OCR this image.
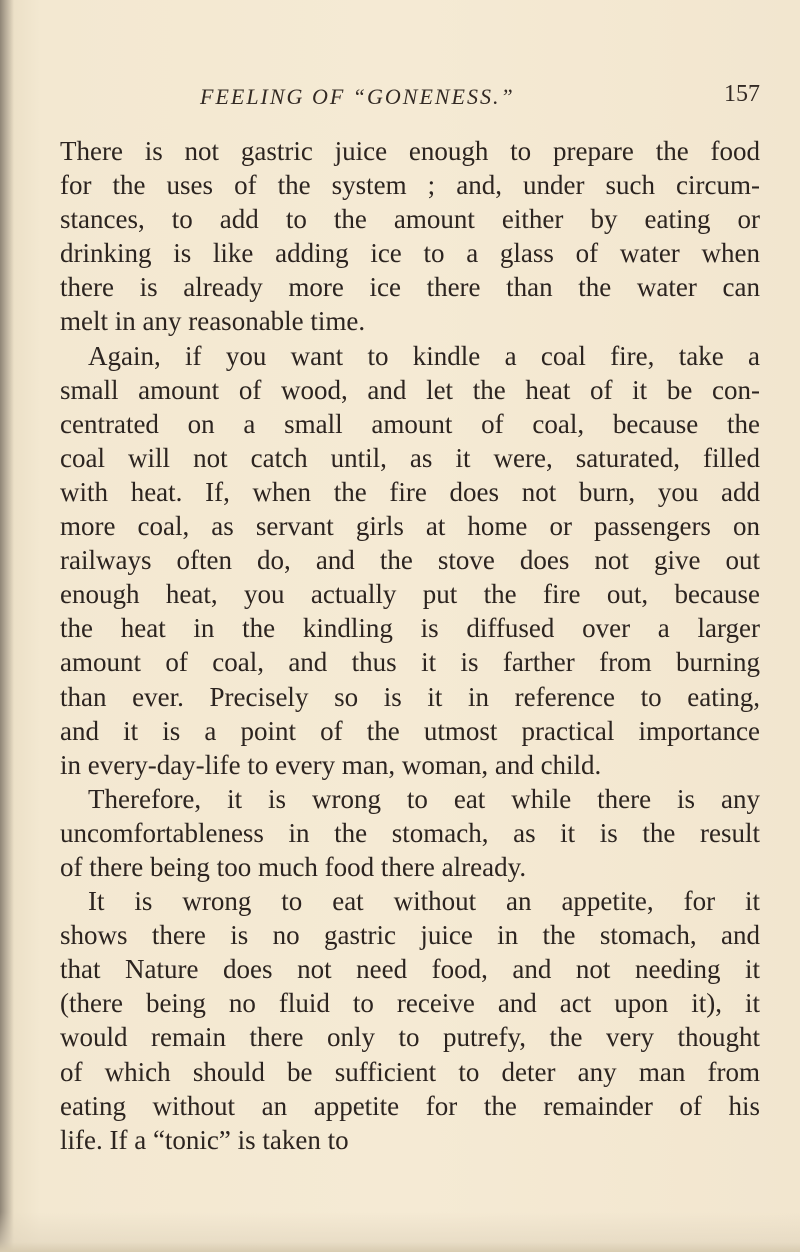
FEELING OF “GONENESS.”	157
There is not gastric juice enough to prepare the food
for the uses of the system ; and, under such circum-
stances, to add to the amount either by eating or
drinking is like adding ice to a glass of water when
there is already more ice there than the water can
melt in any reasonable time.
Again, if you want to kindle a coal fire, take a
small amount of wood, and let the heat of it be con-
centrated on a small amount of coal, because the
coal will not catch until, as it were, saturated, filled
with heat. If, when the fire does not burn, you add
more coal, as servant girls at home or passengers on
railways often do, and the stove does not give out
enough heat, you actually put the fire out, because
the heat in the kindling is diffused over a larger
amount of coal, and thus it is farther from burning
than ever. Precisely so is it in reference to eating,
and it is a point of the utmost practical importance
in every-day-life to every man, woman, and child.
Therefore, it is wrong to eat while there is any
uncomfortableness in the stomach, as it is the result
of there being too much food there already.
It is wrong to eat without an appetite, for it
shows there is no gastric juice in the stomach, and
that Nature does not need food, and not needing it
(there being no fluid to receive and act upon it), it
would remain there only to putrefy, the very thought
of which should be sufficient to deter any man from
eating without an appetite for the remainder of his
life. If a “tonic” is taken to
